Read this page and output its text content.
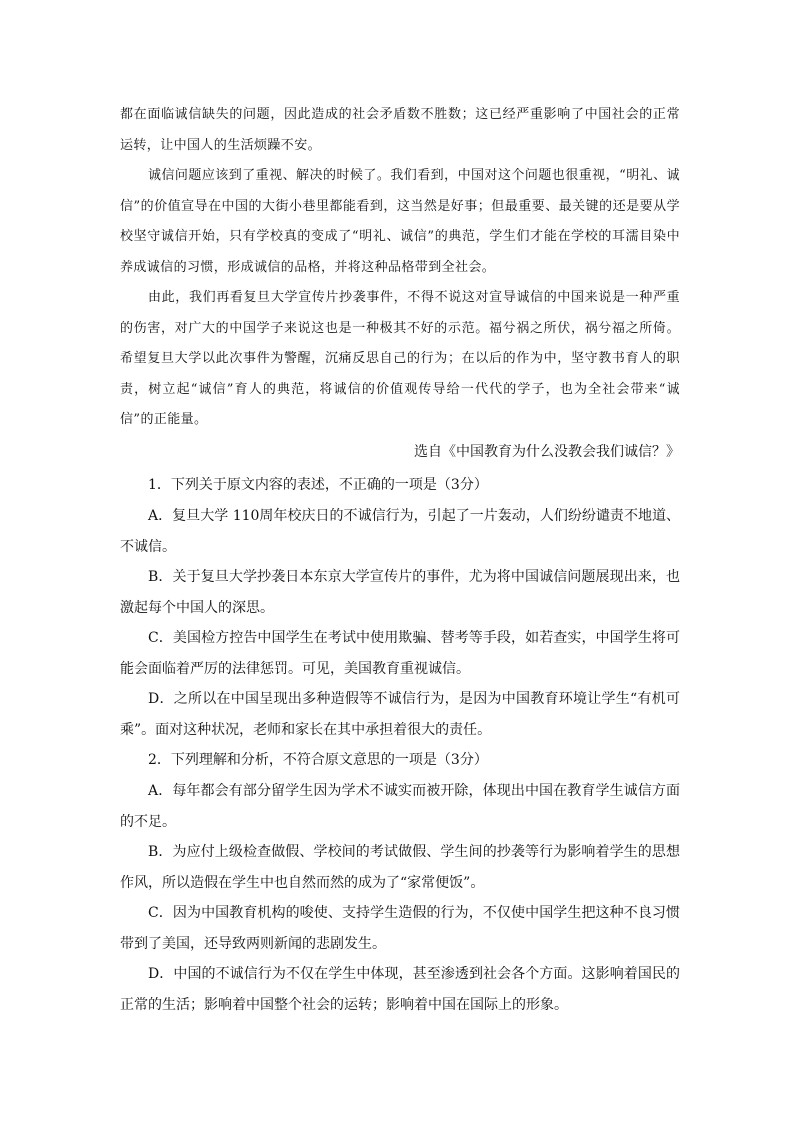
都在面临诚信缺失的问题，因此造成的社会矛盾数不胜数；这已经严重影响了中国社会的正常运转，让中国人的生活烦躁不安。

诚信问题应该到了重视、解决的时候了。我们看到，中国对这个问题也很重视，“明礼、诚信”的价值宣导在中国的大街小巷里都能看到，这当然是好事；但最重要、最关键的还是要从学校坚守诚信开始，只有学校真的变成了“明礼、诚信”的典范，学生们才能在学校的耳濡目染中养成诚信的习惯，形成诚信的品格，并将这种品格带到全社会。

由此，我们再看复旦大学宣传片抄袭事件，不得不说这对宣导诚信的中国来说是一种严重的伤害，对广大的中国学子来说这也是一种极其不好的示范。福兮祸之所伏，祸兮福之所倚。希望复旦大学以此次事件为警醒，沉痛反思自己的行为；在以后的作为中，坚守教书育人的职责，树立起“诚信”育人的典范，将诚信的价值观传导给一代代的学子，也为全社会带来“诚信”的正能量。

选自《中国教育为什么没教会我们诚信？》

1．下列关于原文内容的表述，不正确的一项是（3分）

A．复旦大学 110周年校庆日的不诚信行为，引起了一片轰动，人们纷纷谴责不地道、不诚信。

B．关于复旦大学抄袭日本东京大学宣传片的事件，尤为将中国诚信问题展现出来，也激起每个中国人的深思。

C．美国检方控告中国学生在考试中使用欺骗、替考等手段，如若查实，中国学生将可能会面临着严厉的法律惩罚。可见，美国教育重视诚信。

D．之所以在中国呈现出多种造假等不诚信行为，是因为中国教育环境让学生“有机可乘”。面对这种状况，老师和家长在其中承担着很大的责任。

2．下列理解和分析，不符合原文意思的一项是（3分）

A．每年都会有部分留学生因为学术不诚实而被开除，体现出中国在教育学生诚信方面的不足。

B．为应付上级检查做假、学校间的考试做假、学生间的抄袭等行为影响着学生的思想作风，所以造假在学生中也自然而然的成为了“家常便饭”。

C．因为中国教育机构的唆使、支持学生造假的行为，不仅使中国学生把这种不良习惯带到了美国，还导致两则新闻的悲剧发生。

D．中国的不诚信行为不仅在学生中体现，甚至渗透到社会各个方面。这影响着国民的正常的生活；影响着中国整个社会的运转；影响着中国在国际上的形象。
